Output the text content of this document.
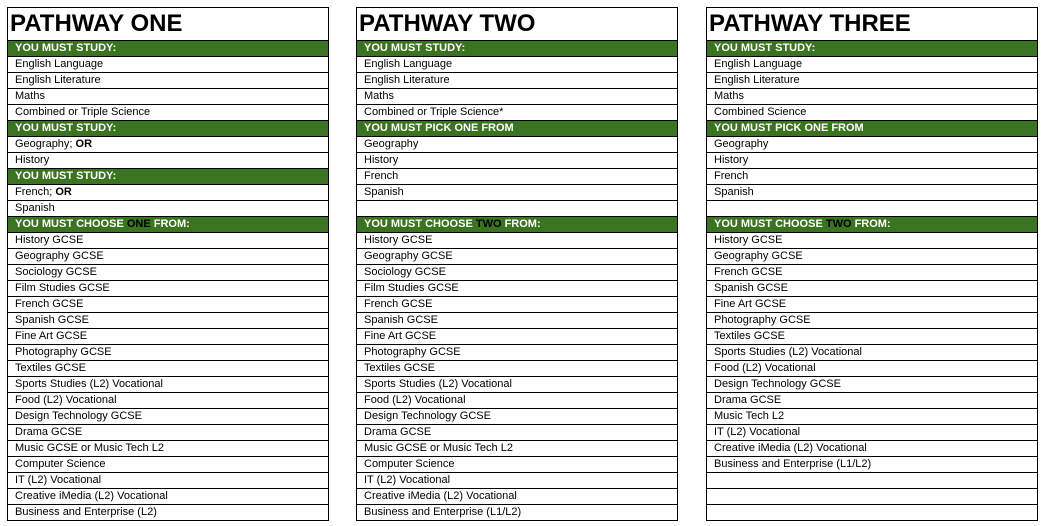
PATHWAY ONE
YOU MUST STUDY:
English Language
English Literature
Maths
Combined or Triple Science
YOU MUST STUDY:
Geography; OR
History
YOU MUST STUDY:
French; OR
Spanish
YOU MUST CHOOSE ONE FROM:
History GCSE
Geography GCSE
Sociology GCSE
Film Studies GCSE
French GCSE
Spanish GCSE
Fine Art GCSE
Photography GCSE
Textiles GCSE
Sports Studies (L2) Vocational
Food (L2) Vocational
Design Technology GCSE
Drama GCSE
Music GCSE or Music Tech L2
Computer Science
IT (L2) Vocational
Creative iMedia (L2) Vocational
Business and Enterprise (L2)
PATHWAY TWO
YOU MUST STUDY:
English Language
English Literature
Maths
Combined or Triple Science*
YOU MUST PICK ONE FROM
Geography
History
French
Spanish

YOU MUST CHOOSE TWO FROM:
History GCSE
Geography GCSE
Sociology GCSE
Film Studies GCSE
French GCSE
Spanish GCSE
Fine Art GCSE
Photography GCSE
Textiles GCSE
Sports Studies (L2) Vocational
Food (L2) Vocational
Design Technology GCSE
Drama GCSE
Music GCSE or Music Tech L2
Computer Science
IT (L2) Vocational
Creative iMedia (L2) Vocational
Business and Enterprise (L1/L2)
PATHWAY THREE
YOU MUST STUDY:
English Language
English Literature
Maths
Combined Science
YOU MUST PICK ONE FROM
Geography
History
French
Spanish

YOU MUST CHOOSE TWO FROM:
History GCSE
Geography GCSE
French GCSE
Spanish GCSE
Fine Art GCSE
Photography GCSE
Textiles GCSE
Sports Studies (L2) Vocational
Food (L2) Vocational
Design Technology GCSE
Drama GCSE
Music Tech L2
IT (L2) Vocational
Creative iMedia (L2) Vocational
Business and Enterprise (L1/L2)
